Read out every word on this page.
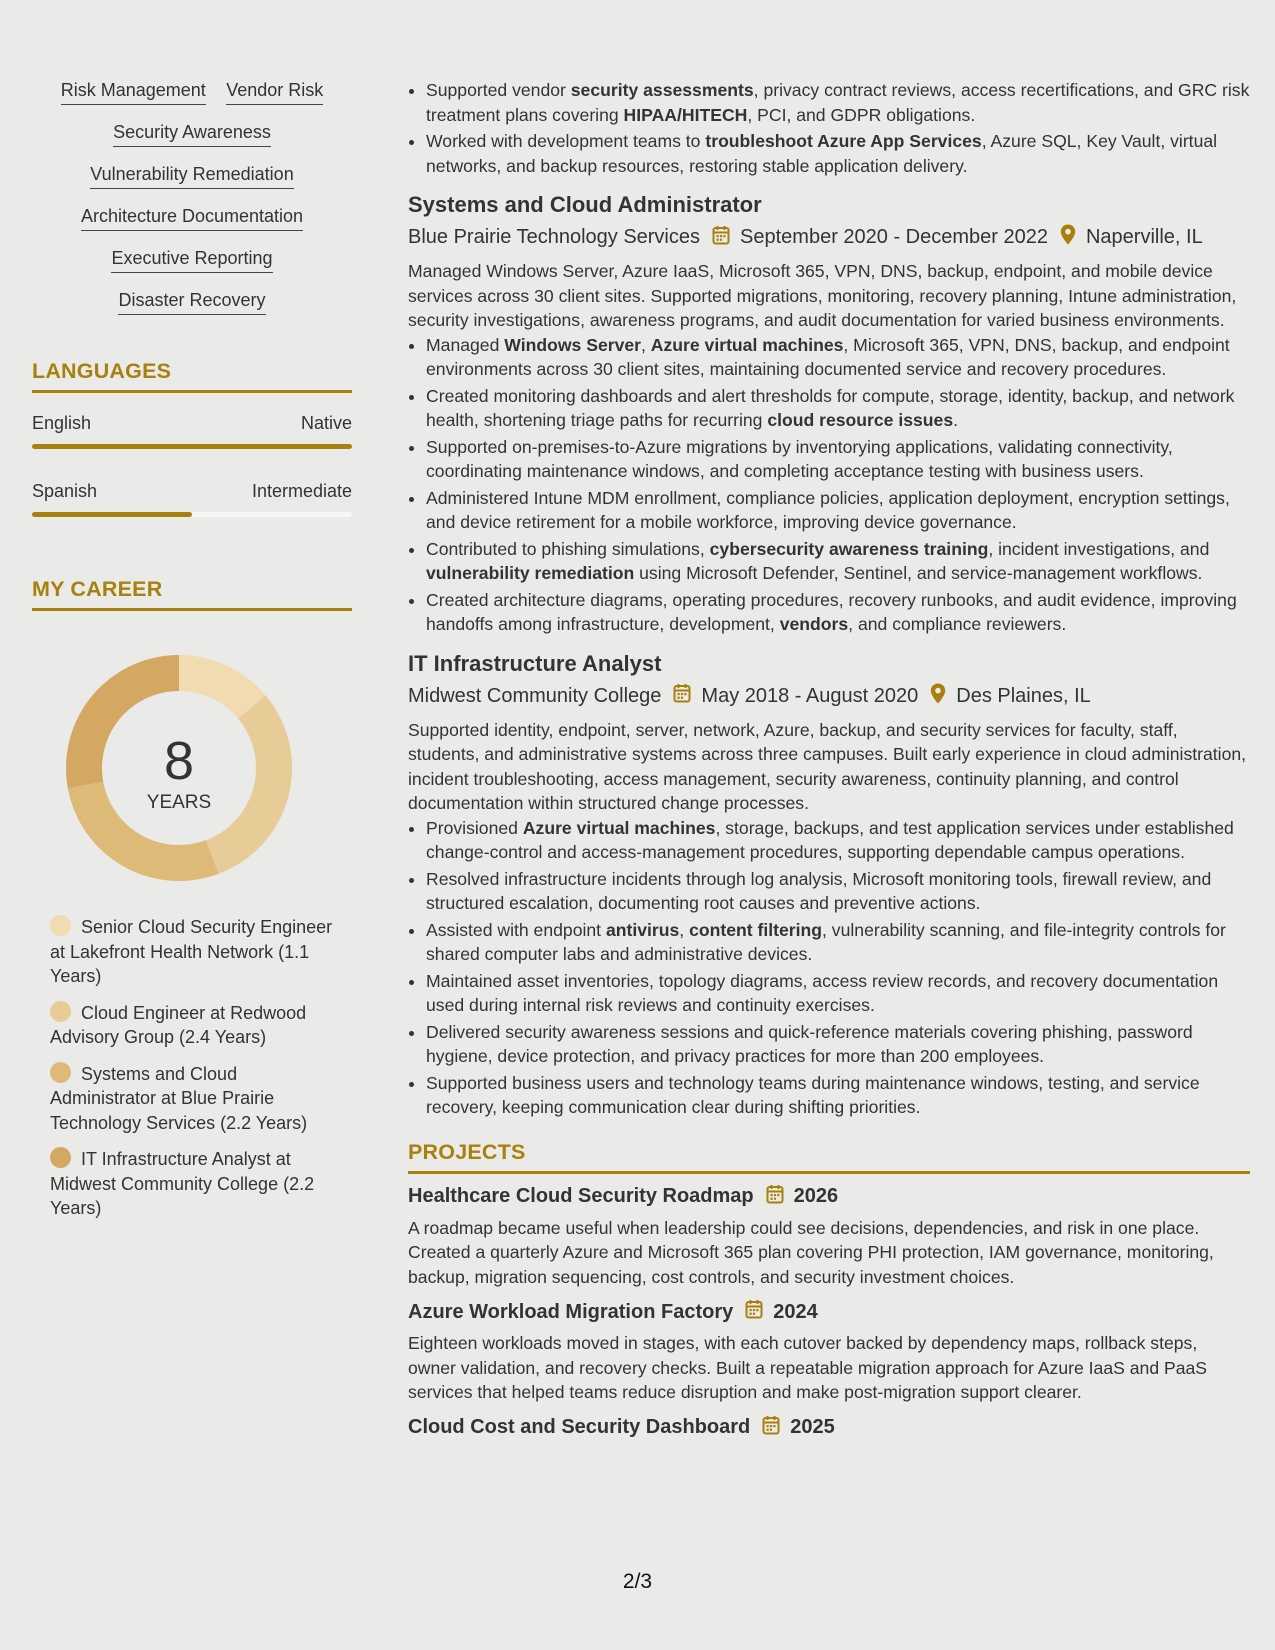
Risk Management Vendor Risk
Security Awareness
Vulnerability Remediation
Architecture Documentation
Executive Reporting
Disaster Recovery
LANGUAGES
English	Native
Spanish	Intermediate
MY CAREER
8
YEARS
Senior Cloud Security Engineer at Lakefront Health Network (1.1 Years)
Cloud Engineer at Redwood Advisory Group (2.4 Years)
Systems and Cloud Administrator at Blue Prairie Technology Services (2.2 Years)
IT Infrastructure Analyst at Midwest Community College (2.2 Years)
• Supported vendor security assessments, privacy contract reviews, access recertifications, and GRC risk treatment plans covering HIPAA/HITECH, PCI, and GDPR obligations.
• Worked with development teams to troubleshoot Azure App Services, Azure SQL, Key Vault, virtual networks, and backup resources, restoring stable application delivery.
Systems and Cloud Administrator
Blue Prairie Technology Services September 2020 - December 2022 Naperville, IL
Managed Windows Server, Azure IaaS, Microsoft 365, VPN, DNS, backup, endpoint, and mobile device services across 30 client sites. Supported migrations, monitoring, recovery planning, Intune administration, security investigations, awareness programs, and audit documentation for varied business environments.
• Managed Windows Server, Azure virtual machines, Microsoft 365, VPN, DNS, backup, and endpoint environments across 30 client sites, maintaining documented service and recovery procedures.
• Created monitoring dashboards and alert thresholds for compute, storage, identity, backup, and network health, shortening triage paths for recurring cloud resource issues.
• Supported on-premises-to-Azure migrations by inventorying applications, validating connectivity, coordinating maintenance windows, and completing acceptance testing with business users.
• Administered Intune MDM enrollment, compliance policies, application deployment, encryption settings, and device retirement for a mobile workforce, improving device governance.
• Contributed to phishing simulations, cybersecurity awareness training, incident investigations, and vulnerability remediation using Microsoft Defender, Sentinel, and service-management workflows.
• Created architecture diagrams, operating procedures, recovery runbooks, and audit evidence, improving handoffs among infrastructure, development, vendors, and compliance reviewers.
IT Infrastructure Analyst
Midwest Community College May 2018 - August 2020 Des Plaines, IL
Supported identity, endpoint, server, network, Azure, backup, and security services for faculty, staff, students, and administrative systems across three campuses. Built early experience in cloud administration, incident troubleshooting, access management, security awareness, continuity planning, and control documentation within structured change processes.
• Provisioned Azure virtual machines, storage, backups, and test application services under established change-control and access-management procedures, supporting dependable campus operations.
• Resolved infrastructure incidents through log analysis, Microsoft monitoring tools, firewall review, and structured escalation, documenting root causes and preventive actions.
• Assisted with endpoint antivirus, content filtering, vulnerability scanning, and file-integrity controls for shared computer labs and administrative devices.
• Maintained asset inventories, topology diagrams, access review records, and recovery documentation used during internal risk reviews and continuity exercises.
• Delivered security awareness sessions and quick-reference materials covering phishing, password hygiene, device protection, and privacy practices for more than 200 employees.
• Supported business users and technology teams during maintenance windows, testing, and service recovery, keeping communication clear during shifting priorities.
PROJECTS
Healthcare Cloud Security Roadmap 2026
A roadmap became useful when leadership could see decisions, dependencies, and risk in one place. Created a quarterly Azure and Microsoft 365 plan covering PHI protection, IAM governance, monitoring, backup, migration sequencing, cost controls, and security investment choices.
Azure Workload Migration Factory 2024
Eighteen workloads moved in stages, with each cutover backed by dependency maps, rollback steps, owner validation, and recovery checks. Built a repeatable migration approach for Azure IaaS and PaaS services that helped teams reduce disruption and make post-migration support clearer.
Cloud Cost and Security Dashboard 2025
2/3
